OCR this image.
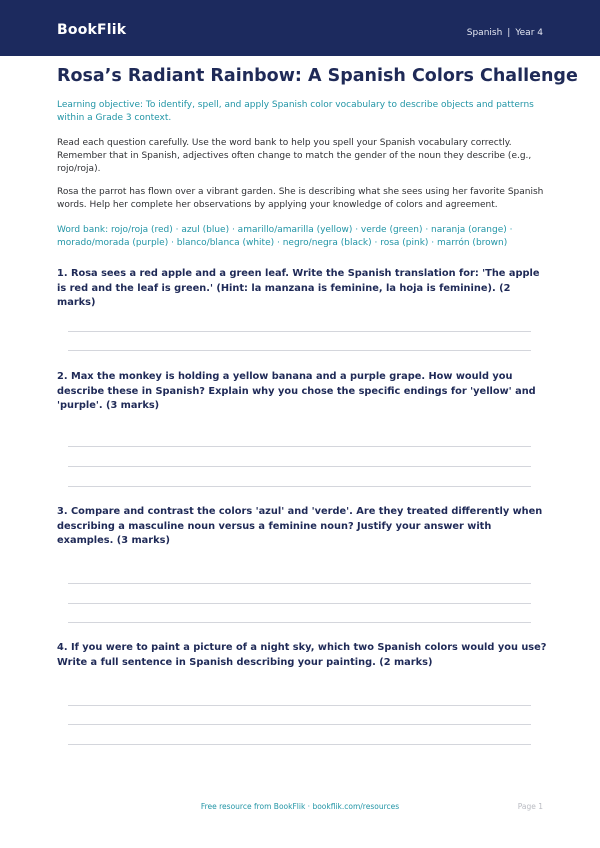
BookFlik	Spanish | Year 4
Rosa’s Radiant Rainbow: A Spanish Colors Challenge
Learning objective: To identify, spell, and apply Spanish color vocabulary to describe objects and patterns within a Grade 3 context.
Read each question carefully. Use the word bank to help you spell your Spanish vocabulary correctly. Remember that in Spanish, adjectives often change to match the gender of the noun they describe (e.g., rojo/roja).
Rosa the parrot has flown over a vibrant garden. She is describing what she sees using her favorite Spanish words. Help her complete her observations by applying your knowledge of colors and agreement.
Word bank: rojo/roja (red) · azul (blue) · amarillo/amarilla (yellow) · verde (green) · naranja (orange) · morado/morada (purple) · blanco/blanca (white) · negro/negra (black) · rosa (pink) · marrón (brown)
1. Rosa sees a red apple and a green leaf. Write the Spanish translation for: 'The apple is red and the leaf is green.' (Hint: la manzana is feminine, la hoja is feminine). (2 marks)
2. Max the monkey is holding a yellow banana and a purple grape. How would you describe these in Spanish? Explain why you chose the specific endings for 'yellow' and 'purple'. (3 marks)
3. Compare and contrast the colors 'azul' and 'verde'. Are they treated differently when describing a masculine noun versus a feminine noun? Justify your answer with examples. (3 marks)
4. If you were to paint a picture of a night sky, which two Spanish colors would you use? Write a full sentence in Spanish describing your painting. (2 marks)
Free resource from BookFlik · bookflik.com/resources	Page 1
